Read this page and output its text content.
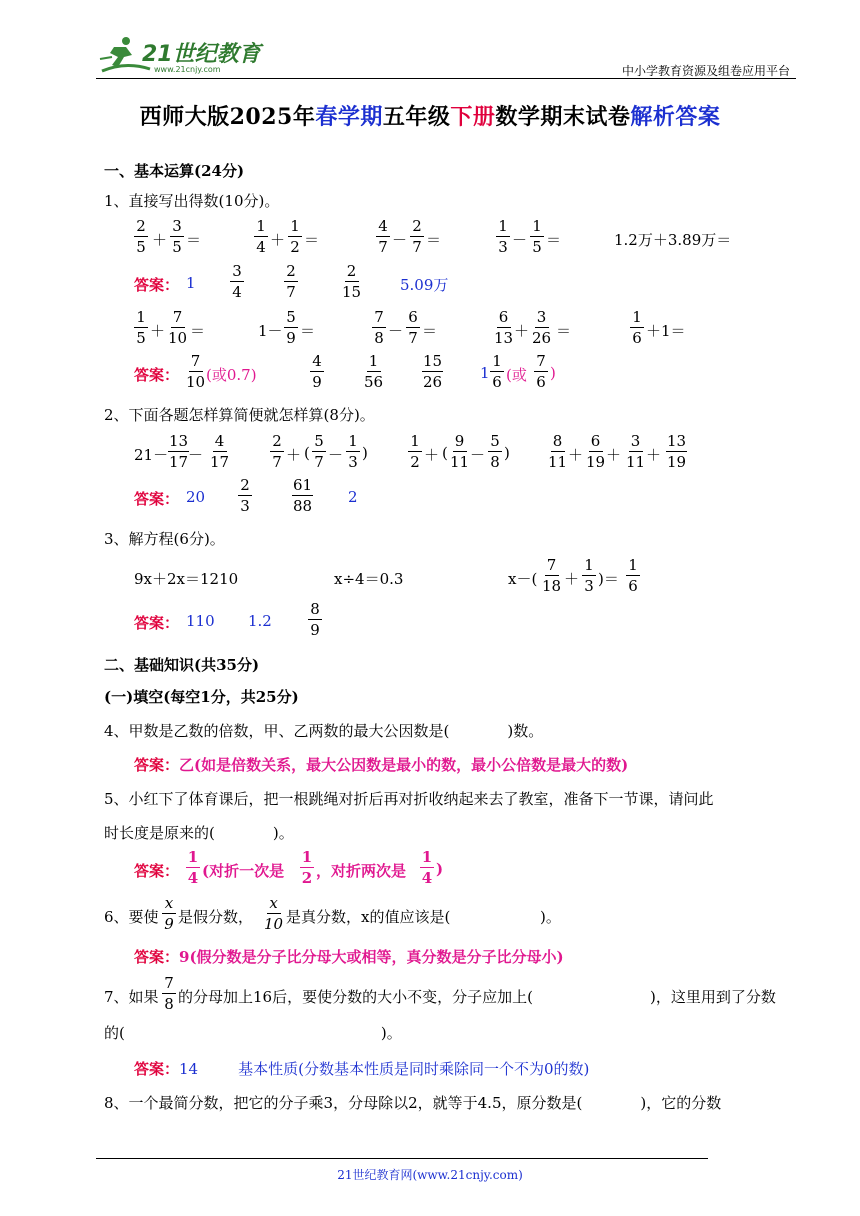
21世纪教育
www.21cnjy.com	中小学教育资源及组卷应用平台
西师大版2025年春学期五年级下册数学期末试卷解析答案
一、基本运算(24分)
1、直接写出得数(10分)。
$\frac{2}{5} + \frac{3}{5}$ ＝	$\frac{1}{4} + \frac{1}{2}$ ＝	$\frac{4}{7} - \frac{2}{7}$ ＝	$\frac{1}{3} - \frac{1}{5}$ ＝	1.2万＋3.89万＝
答案： $1 \frac{3}{4}$	$\frac{2}{7}$	$\frac{2}{15}$	5.09万
$\frac{1}{5} + \frac{7}{10}$ ＝	$1- \frac{5}{9}$ ＝	$\frac{7}{8} - \frac{6}{7}$ ＝	$\frac{6}{13} + \frac{3}{26}$ ＝	$\frac{1}{6} +1=$
答案： $\frac{7}{10}$ (或0.7)	$\frac{4}{9}$	$\frac{1}{56}$	$\frac{15}{26} 1 \frac{1}{6}$ (或 $\frac{7}{6}$ )
2、下面各题怎样算简便就怎样算(8分)。
$21- \frac{13}{17}$
－ $\frac{4}{17}$	$\frac{2}{7}$ ＋ ( $\frac{5}{7} - \frac{1}{3}$ )	$\frac{1}{2}$ ＋ ( $\frac{9}{11} - \frac{5}{8}$ )	$\frac{8}{11} + \frac{6}{19} + \frac{3}{11} + \frac{13}{19}$
答案： $20 \frac{2}{3}$	$\frac{61}{88} 2$
3、解方程(6分)。
9x＋2x＝1210	x÷4＝0.3	$x-( \frac{7}{18} + \frac{1}{3}$ )＝ $\frac{1}{6}$
答案： 110 $1.2 \frac{8}{9}$
二、基础知识(共35分)
(一)填空(每空1分，共25分)
4、甲数是乙数的倍数，甲、乙两数的最大公因数是(	)数。
答案：乙(如是倍数关系，最大公因数是最小的数，最小公倍数是最大的数)
5、小红下了体育课后，把一根跳绳对折后再对折收纳起来去了教室，准备下一节课，请问此
时长度是原来的(	)。
答案： $\frac{1}{4}$ (对折一次是 $\frac{1}{2}$ ，对折两次是 $\frac{1}{4}$ )
6、要使 $\frac{x}{9}$ 是假分数， $\frac{x}{10}$ 是真分数，x的值应该是(	)。
答案：9(假分数是分子比分母大或相等，真分数是分子比分母小)
7、如果 $\frac{7}{8}$ 的分母加上16后，要使分数的大小不变，分子应加上(	)，这里用到了分数
的(	)。
答案：14	基本性质(分数基本性质是同时乘除同一个不为0的数)
8、一个最简分数，把它的分子乘3，分母除以2，就等于4.5，原分数是(	)，它的分数
21世纪教育网(www.21cnjy.com)
